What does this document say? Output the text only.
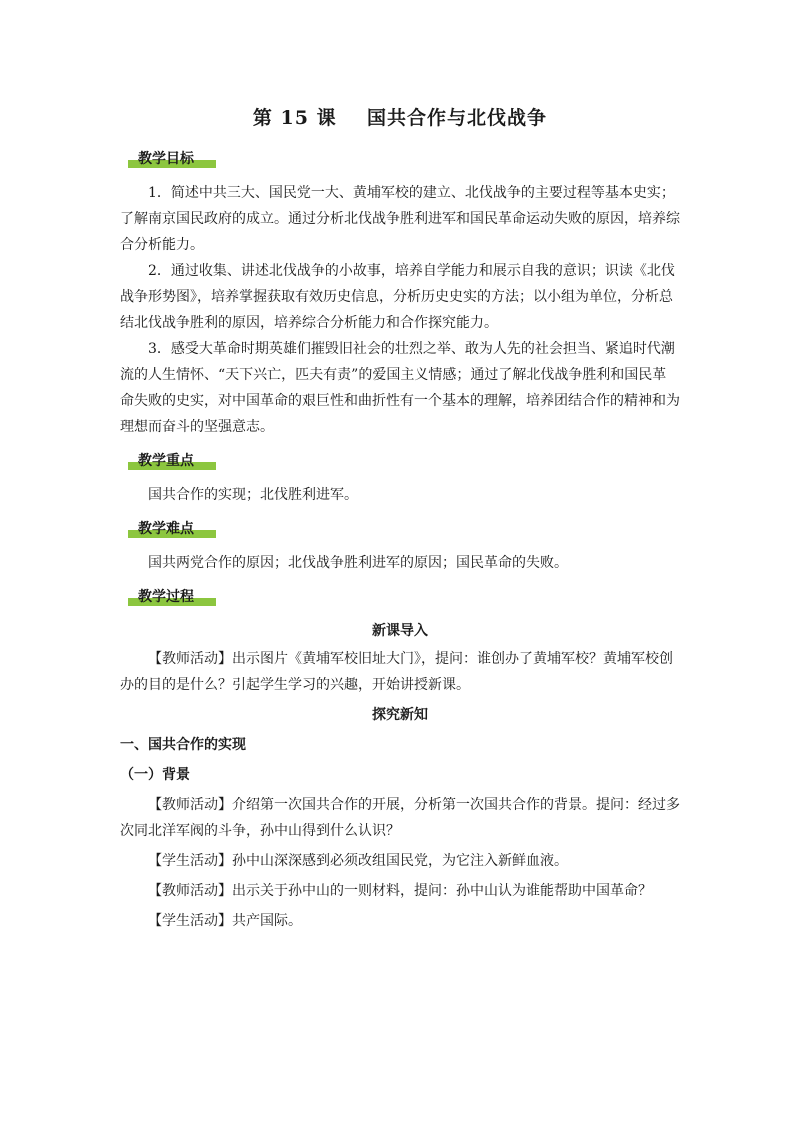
第 15 课    国共合作与北伐战争
教学目标

1．简述中共三大、国民党一大、黄埔军校的建立、北伐战争的主要过程等基本史实；了解南京国民政府的成立。通过分析北伐战争胜利进军和国民革命运动失败的原因，培养综合分析能力。

2．通过收集、讲述北伐战争的小故事，培养自学能力和展示自我的意识；识读《北伐战争形势图》，培养掌握获取有效历史信息，分析历史史实的方法；以小组为单位，分析总结北伐战争胜利的原因，培养综合分析能力和合作探究能力。

3．感受大革命时期英雄们摧毁旧社会的壮烈之举、敢为人先的社会担当、紧追时代潮流的人生情怀、“天下兴亡，匹夫有责”的爱国主义情感；通过了解北伐战争胜利和国民革命失败的史实，对中国革命的艰巨性和曲折性有一个基本的理解，培养团结合作的精神和为理想而奋斗的坚强意志。

教学重点

国共合作的实现；北伐胜利进军。

教学难点

国共两党合作的原因；北伐战争胜利进军的原因；国民革命的失败。

教学过程
新课导入

【教师活动】出示图片《黄埔军校旧址大门》，提问：谁创办了黄埔军校？黄埔军校创办的目的是什么？引起学生学习的兴趣，开始讲授新课。

探究新知
一、国共合作的实现
（一）背景

【教师活动】介绍第一次国共合作的开展，分析第一次国共合作的背景。提问：经过多次同北洋军阀的斗争，孙中山得到什么认识？

【学生活动】孙中山深深感到必须改组国民党，为它注入新鲜血液。

【教师活动】出示关于孙中山的一则材料，提问：孙中山认为谁能帮助中国革命？

【学生活动】共产国际。
